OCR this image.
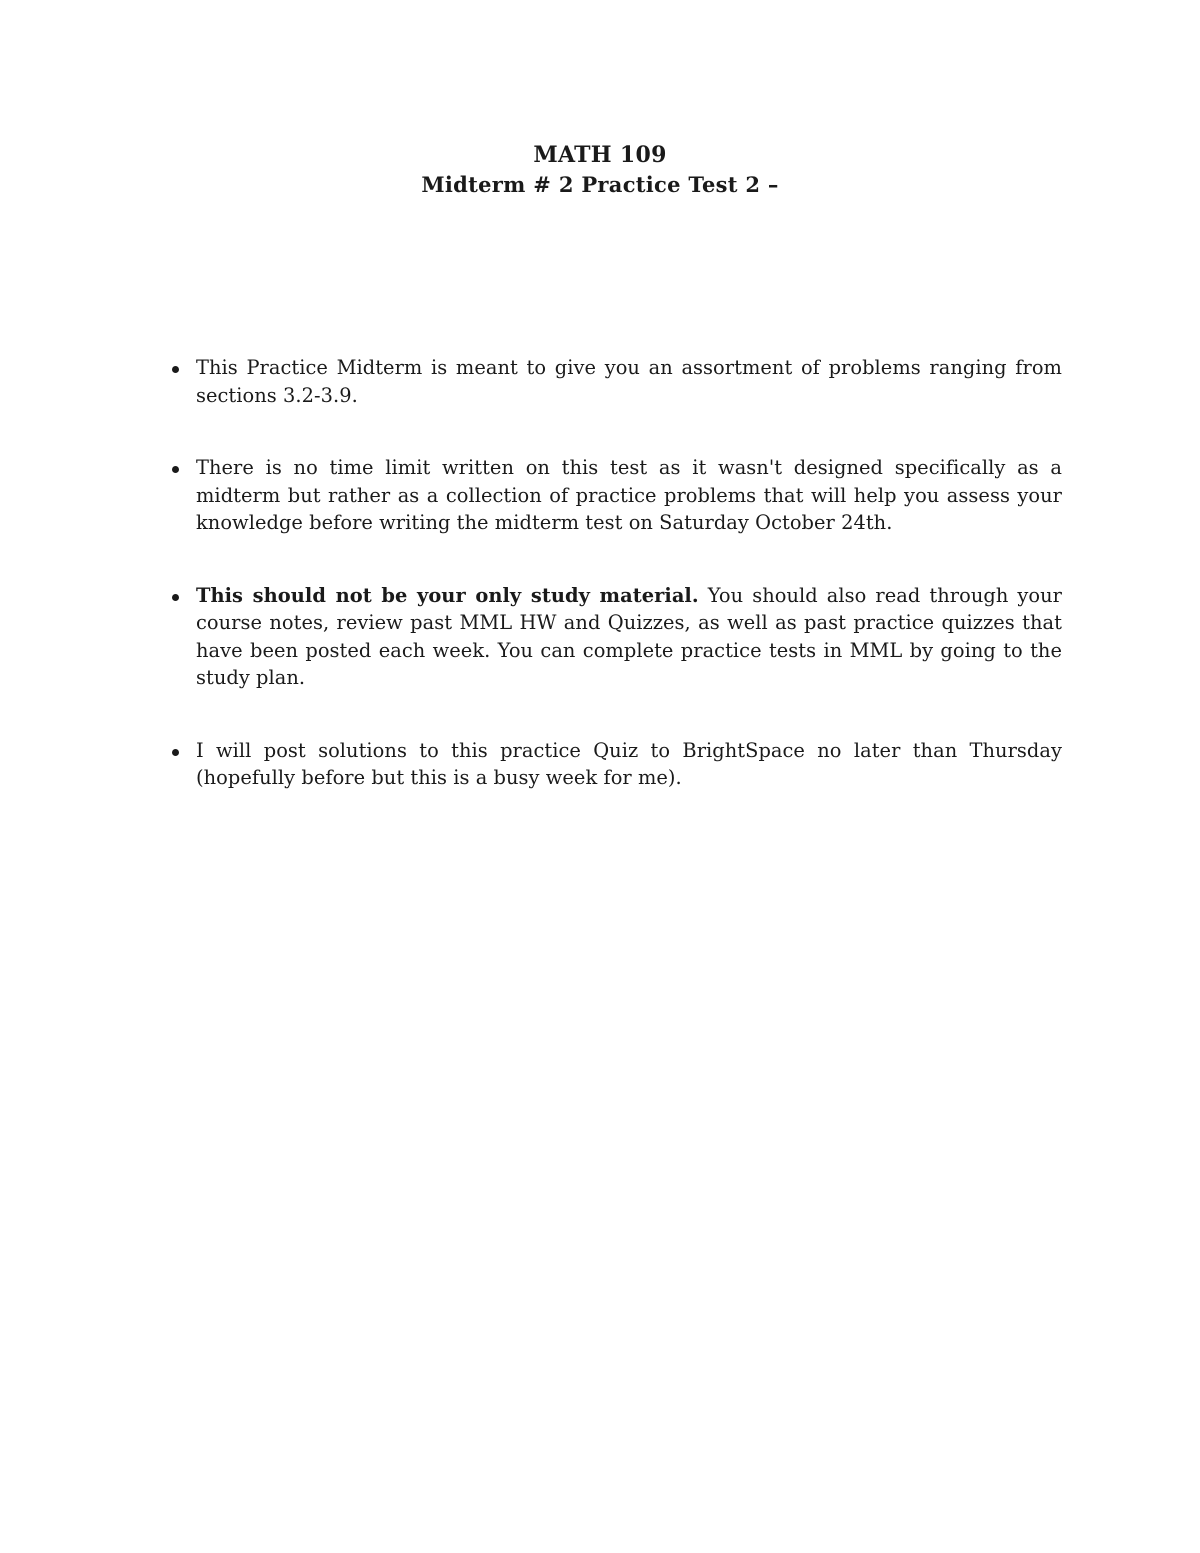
MATH 109
Midterm # 2 Practice Test 2 –
This Practice Midterm is meant to give you an assortment of problems ranging from sections 3.2-3.9.
There is no time limit written on this test as it wasn't designed specifically as a midterm but rather as a collection of practice problems that will help you assess your knowledge before writing the midterm test on Saturday October 24th.
This should not be your only study material. You should also read through your course notes, review past MML HW and Quizzes, as well as past practice quizzes that have been posted each week. You can complete practice tests in MML by going to the study plan.
I will post solutions to this practice Quiz to BrightSpace no later than Thursday (hopefully before but this is a busy week for me).
